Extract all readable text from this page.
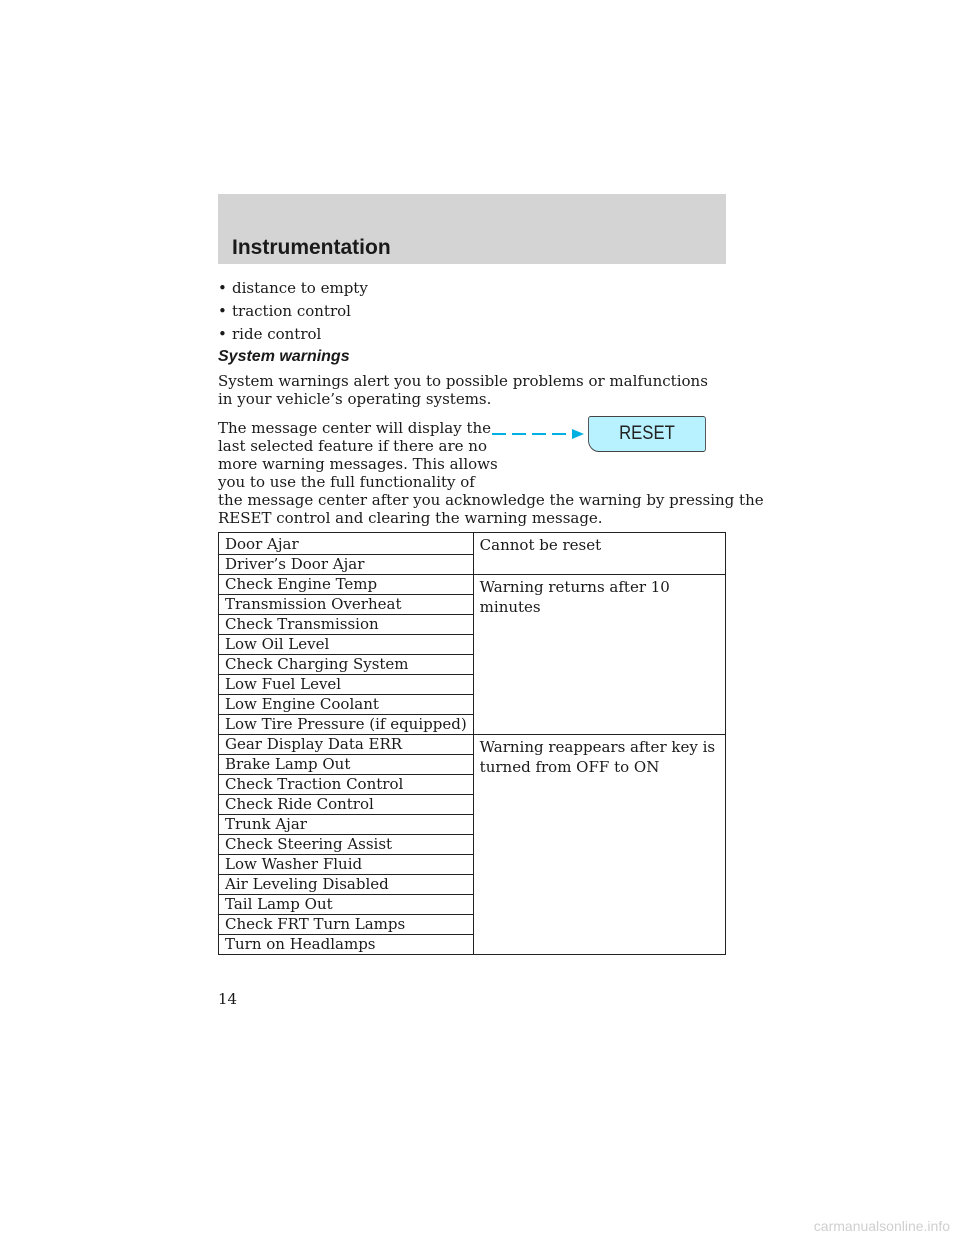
Instrumentation
• distance to empty
• traction control
• ride control
System warnings

System warnings alert you to possible problems or malfunctions in your vehicle’s operating systems.

The message center will display the
last selected feature if there are no
more warning messages. This allows
you to use the full functionality of
the message center after you acknowledge the warning by pressing the
RESET control and clearing the warning message.

RESET
Door Ajar	Cannot be reset
Driver’s Door Ajar	
Check Engine Temp	Warning returns after 10 minutes
Transmission Overheat	
Check Transmission	
Low Oil Level	
Check Charging System	
Low Fuel Level	
Low Engine Coolant	
Low Tire Pressure (if equipped)	
Gear Display Data ERR	Warning reappears after key is turned from OFF to ON
Brake Lamp Out	
Check Traction Control	
Check Ride Control	
Trunk Ajar	
Check Steering Assist	
Low Washer Fluid	
Air Leveling Disabled	
Tail Lamp Out	
Check FRT Turn Lamps	
Turn on Headlamps	
14
carmanualsonline.info
